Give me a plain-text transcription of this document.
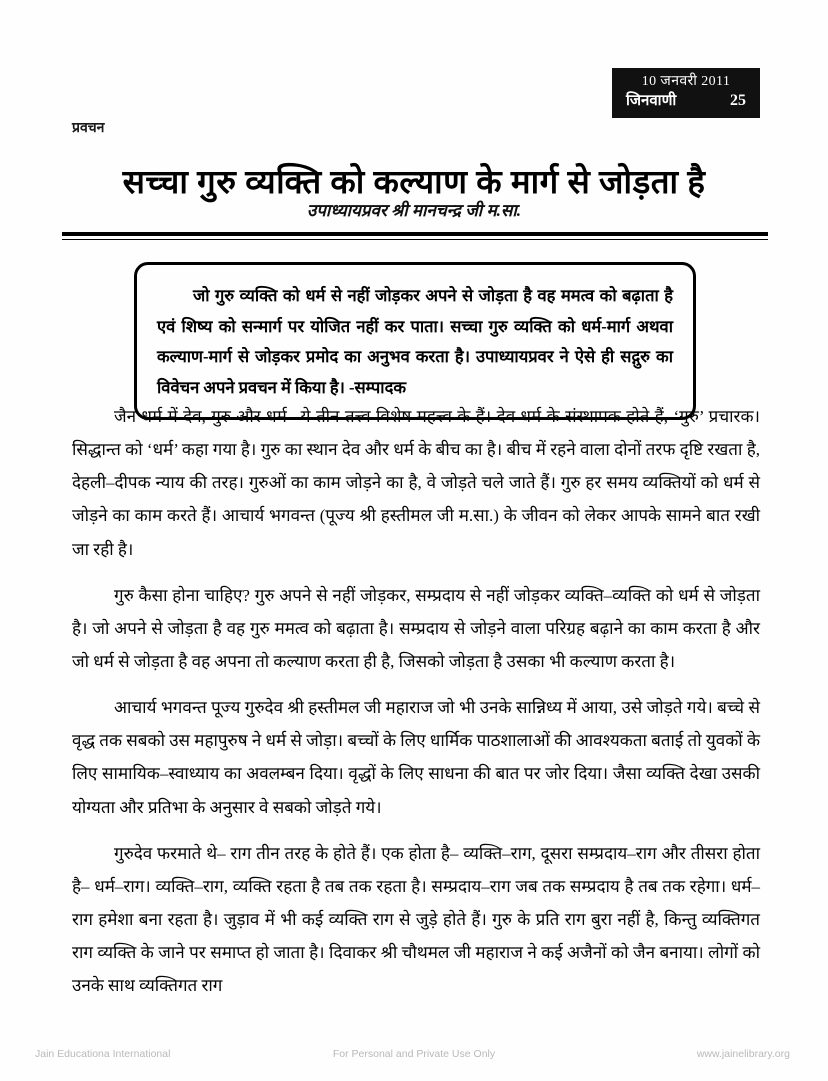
10 जनवरी 2011
जिनवाणी	25
प्रवचन
सच्चा गुरु व्यक्ति को कल्याण के मार्ग से जोड़ता है
उपाध्यायप्रवर श्री मानचन्द्र जी म.सा.

जो गुरु व्यक्ति को धर्म से नहीं जोड़कर अपने से जोड़ता है वह ममत्व को बढ़ाता है एवं शिष्य को सन्मार्ग पर योजित नहीं कर पाता। सच्चा गुरु व्यक्ति को धर्म-मार्ग अथवा कल्याण-मार्ग से जोड़कर प्रमोद का अनुभव करता है। उपाध्यायप्रवर ने ऐसे ही सद्गुरु का विवेचन अपने प्रवचन में किया है। -सम्पादक

जैन धर्म में देव, गुरु और धर्म– ये तीन तत्त्व विशेष महत्त्व के हैं। देव धर्म के संस्थापक होते हैं, ‘गुरु’ प्रचारक। सिद्धान्त को ‘धर्म’ कहा गया है। गुरु का स्थान देव और धर्म के बीच का है। बीच में रहने वाला दोनों तरफ दृष्टि रखता है, देहली–दीपक न्याय की तरह। गुरुओं का काम जोड़ने का है, वे जोड़ते चले जाते हैं। गुरु हर समय व्यक्तियों को धर्म से जोड़ने का काम करते हैं। आचार्य भगवन्त (पूज्य श्री हस्तीमल जी म.सा.) के जीवन को लेकर आपके सामने बात रखी जा रही है।

गुरु कैसा होना चाहिए? गुरु अपने से नहीं जोड़कर, सम्प्रदाय से नहीं जोड़कर व्यक्ति–व्यक्ति को धर्म से जोड़ता है। जो अपने से जोड़ता है वह गुरु ममत्व को बढ़ाता है। सम्प्रदाय से जोड़ने वाला परिग्रह बढ़ाने का काम करता है और जो धर्म से जोड़ता है वह अपना तो कल्याण करता ही है, जिसको जोड़ता है उसका भी कल्याण करता है।

आचार्य भगवन्त पूज्य गुरुदेव श्री हस्तीमल जी महाराज जो भी उनके सान्निध्य में आया, उसे जोड़ते गये। बच्चे से वृद्ध तक सबको उस महापुरुष ने धर्म से जोड़ा। बच्चों के लिए धार्मिक पाठशालाओं की आवश्यकता बताई तो युवकों के लिए सामायिक–स्वाध्याय का अवलम्बन दिया। वृद्धों के लिए साधना की बात पर जोर दिया। जैसा व्यक्ति देखा उसकी योग्यता और प्रतिभा के अनुसार वे सबको जोड़ते गये।

गुरुदेव फरमाते थे– राग तीन तरह के होते हैं। एक होता है– व्यक्ति–राग, दूसरा सम्प्रदाय–राग और तीसरा होता है– धर्म–राग। व्यक्ति–राग, व्यक्ति रहता है तब तक रहता है। सम्प्रदाय–राग जब तक सम्प्रदाय है तब तक रहेगा। धर्म–राग हमेशा बना रहता है। जुड़ाव में भी कई व्यक्ति राग से जुड़े होते हैं। गुरु के प्रति राग बुरा नहीं है, किन्तु व्यक्तिगत राग व्यक्ति के जाने पर समाप्त हो जाता है। दिवाकर श्री चौथमल जी महाराज ने कई अजैनों को जैन बनाया। लोगों को उनके साथ व्यक्तिगत राग

Jain Educationa International	For Personal and Private Use Only	www.jainelibrary.org
